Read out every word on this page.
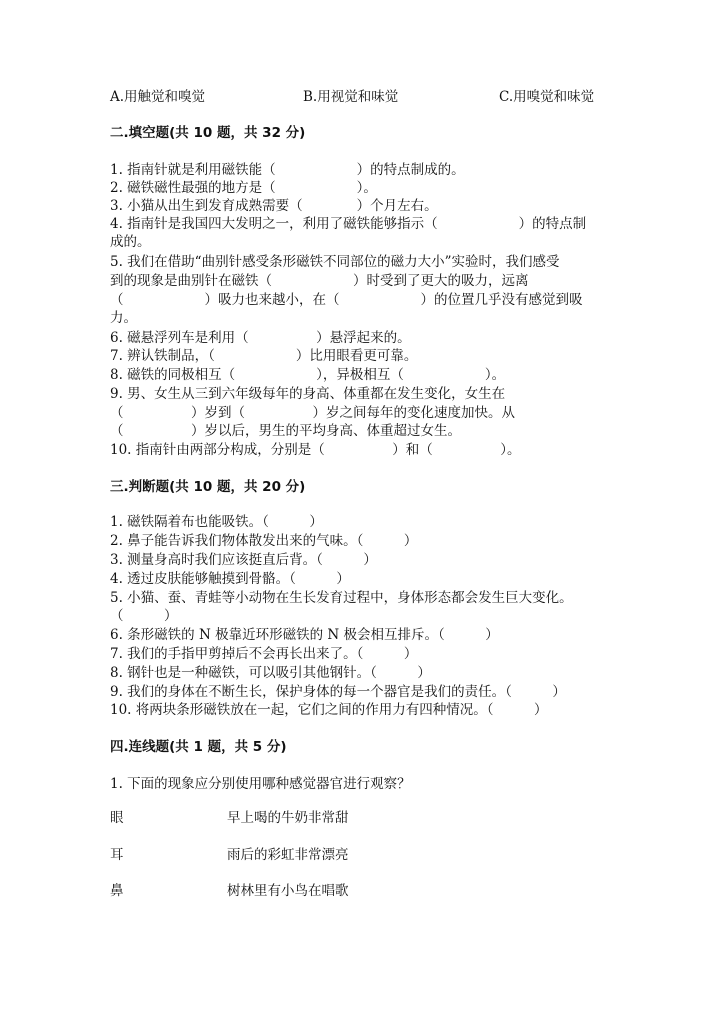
A.用触觉和嗅觉	B.用视觉和味觉	C.用嗅觉和味觉
二.填空题(共 10 题，共 32 分)
1. 指南针就是利用磁铁能（　　　　　　）的特点制成的。
2. 磁铁磁性最强的地方是（　　　　　　）。
3. 小猫从出生到发育成熟需要（　　　　）个月左右。
4. 指南针是我国四大发明之一，利用了磁铁能够指示（　　　　　　）的特点制
成的。
5. 我们在借助“曲别针感受条形磁铁不同部位的磁力大小”实验时，我们感受
到的现象是曲别针在磁铁（　　　　　　）时受到了更大的吸力，远离
（　　　　　　）吸力也来越小，在（　　　　　　）的位置几乎没有感觉到吸
力。
6. 磁悬浮列车是利用（　　　　　）悬浮起来的。
7. 辨认铁制品，（　　　　　　）比用眼看更可靠。
8. 磁铁的同极相互（　　　　　　），异极相互（　　　　　　）。
9. 男、女生从三到六年级每年的身高、体重都在发生变化，女生在
（　　　　　）岁到（　　　　　）岁之间每年的变化速度加快。从
（　　　　　）岁以后，男生的平均身高、体重超过女生。
10. 指南针由两部分构成，分别是（　　　　　）和（　　　　　）。
三.判断题(共 10 题，共 20 分)
1. 磁铁隔着布也能吸铁。（　　　）
2. 鼻子能告诉我们物体散发出来的气味。（　　　）
3. 测量身高时我们应该挺直后背。（　　　）
4. 透过皮肤能够触摸到骨骼。（　　　）
5. 小猫、蚕、青蛙等小动物在生长发育过程中，身体形态都会发生巨大变化。
（　　　）
6. 条形磁铁的 N 极靠近环形磁铁的 N 极会相互排斥。（　　　）
7. 我们的手指甲剪掉后不会再长出来了。（　　　）
8. 钢针也是一种磁铁，可以吸引其他钢针。（　　　）
9. 我们的身体在不断生长，保护身体的每一个器官是我们的责任。（　　　）
10. 将两块条形磁铁放在一起，它们之间的作用力有四种情况。（　　　）
四.连线题(共 1 题，共 5 分)
1. 下面的现象应分别使用哪种感觉器官进行观察？
眼	早上喝的牛奶非常甜
耳	雨后的彩虹非常漂亮
鼻	树林里有小鸟在唱歌
